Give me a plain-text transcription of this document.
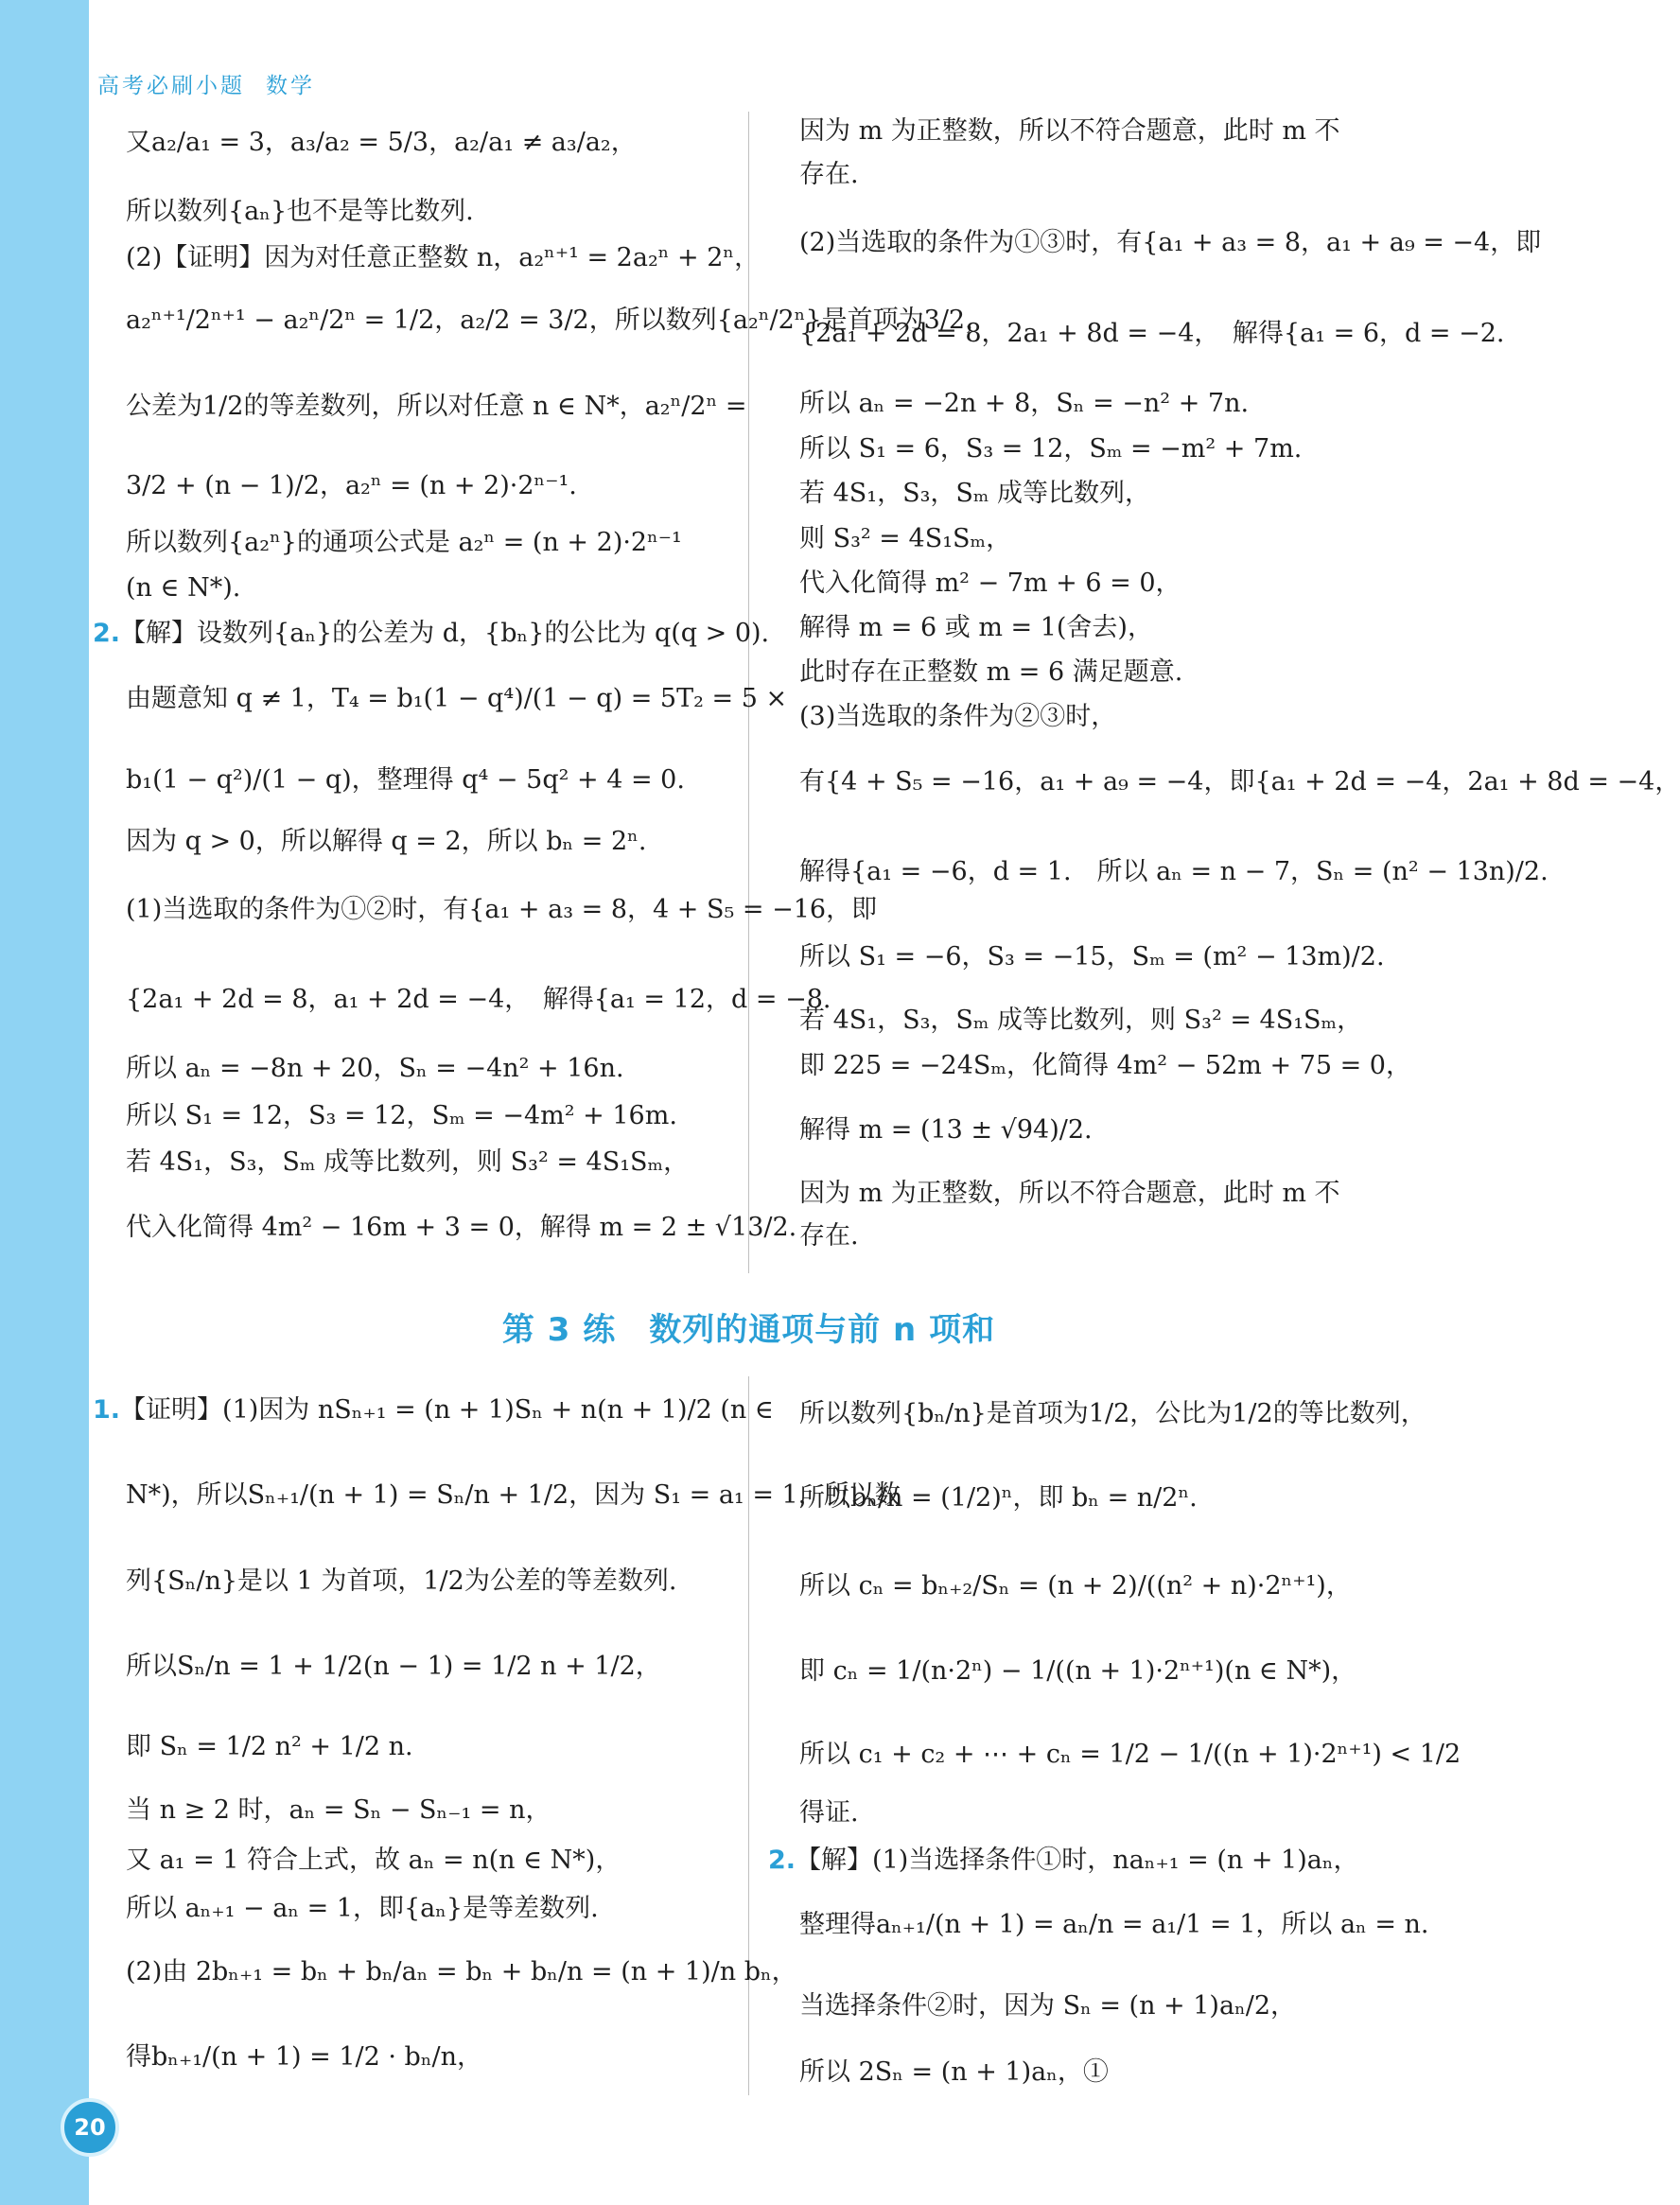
高考必刷小题 数学
又a₂/a₁ = 3，a₃/a₂ = 5/3，a₂/a₁ ≠ a₃/a₂，
所以数列{aₙ}也不是等比数列.
(2)【证明】因为对任意正整数 n，a₂ⁿ⁺¹ = 2a₂ⁿ + 2ⁿ，
a₂ⁿ⁺¹/2ⁿ⁺¹ − a₂ⁿ/2ⁿ = 1/2，a₂/2 = 3/2，所以数列{a₂ⁿ/2ⁿ}是首项为3/2，
公差为1/2的等差数列，所以对任意 n ∈ N*，a₂ⁿ/2ⁿ =
3/2 + (n − 1)/2，a₂ⁿ = (n + 2)·2ⁿ⁻¹.
所以数列{a₂ⁿ}的通项公式是 a₂ⁿ = (n + 2)·2ⁿ⁻¹
(n ∈ N*).
2.【解】设数列{aₙ}的公差为 d，{bₙ}的公比为 q(q > 0).
由题意知 q ≠ 1，T₄ = b₁(1 − q⁴)/(1 − q) = 5T₂ = 5 ×
b₁(1 − q²)/(1 − q)，整理得 q⁴ − 5q² + 4 = 0.
因为 q > 0，所以解得 q = 2，所以 bₙ = 2ⁿ.
(1)当选取的条件为①②时，有{a₁ + a₃ = 8，4 + S₅ = −16，即
{2a₁ + 2d = 8，a₁ + 2d = −4，　解得{a₁ = 12，d = −8.
所以 aₙ = −8n + 20，Sₙ = −4n² + 16n.
所以 S₁ = 12，S₃ = 12，Sₘ = −4m² + 16m.
若 4S₁，S₃，Sₘ 成等比数列，则 S₃² = 4S₁Sₘ，
代入化简得 4m² − 16m + 3 = 0，解得 m = 2 ± √13/2.
因为 m 为正整数，所以不符合题意，此时 m 不
存在.
(2)当选取的条件为①③时，有{a₁ + a₃ = 8，a₁ + a₉ = −4，即
{2a₁ + 2d = 8，2a₁ + 8d = −4，　解得{a₁ = 6，d = −2.
所以 aₙ = −2n + 8，Sₙ = −n² + 7n.
所以 S₁ = 6，S₃ = 12，Sₘ = −m² + 7m.
若 4S₁，S₃，Sₘ 成等比数列，
则 S₃² = 4S₁Sₘ，
代入化简得 m² − 7m + 6 = 0，
解得 m = 6 或 m = 1(舍去)，
此时存在正整数 m = 6 满足题意.
(3)当选取的条件为②③时，
有{4 + S₅ = −16，a₁ + a₉ = −4，即{a₁ + 2d = −4，2a₁ + 8d = −4，
解得{a₁ = −6，d = 1.　所以 aₙ = n − 7，Sₙ = (n² − 13n)/2.
所以 S₁ = −6，S₃ = −15，Sₘ = (m² − 13m)/2.
若 4S₁，S₃，Sₘ 成等比数列，则 S₃² = 4S₁Sₘ，
即 225 = −24Sₘ，化简得 4m² − 52m + 75 = 0，
解得 m = (13 ± √94)/2.
因为 m 为正整数，所以不符合题意，此时 m 不
存在.
第 3 练　数列的通项与前 n 项和
1.【证明】(1)因为 nSₙ₊₁ = (n + 1)Sₙ + n(n + 1)/2 (n ∈
N*)，所以Sₙ₊₁/(n + 1) = Sₙ/n + 1/2，因为 S₁ = a₁ = 1，所以数
列{Sₙ/n}是以 1 为首项，1/2为公差的等差数列.
所以Sₙ/n = 1 + 1/2(n − 1) = 1/2 n + 1/2，
即 Sₙ = 1/2 n² + 1/2 n.
当 n ≥ 2 时，aₙ = Sₙ − Sₙ₋₁ = n，
又 a₁ = 1 符合上式，故 aₙ = n(n ∈ N*)，
所以 aₙ₊₁ − aₙ = 1，即{aₙ}是等差数列.
(2)由 2bₙ₊₁ = bₙ + bₙ/aₙ = bₙ + bₙ/n = (n + 1)/n bₙ，
得bₙ₊₁/(n + 1) = 1/2 · bₙ/n，
所以数列{bₙ/n}是首项为1/2，公比为1/2的等比数列，
所以bₙ/n = (1/2)ⁿ，即 bₙ = n/2ⁿ.
所以 cₙ = bₙ₊₂/Sₙ = (n + 2)/((n² + n)·2ⁿ⁺¹)，
即 cₙ = 1/(n·2ⁿ) − 1/((n + 1)·2ⁿ⁺¹)(n ∈ N*)，
所以 c₁ + c₂ + ⋯ + cₙ = 1/2 − 1/((n + 1)·2ⁿ⁺¹) < 1/2
得证.
2.【解】(1)当选择条件①时，naₙ₊₁ = (n + 1)aₙ，
整理得aₙ₊₁/(n + 1) = aₙ/n = a₁/1 = 1，所以 aₙ = n.
当选择条件②时，因为 Sₙ = (n + 1)aₙ/2，
所以 2Sₙ = (n + 1)aₙ，①
20
